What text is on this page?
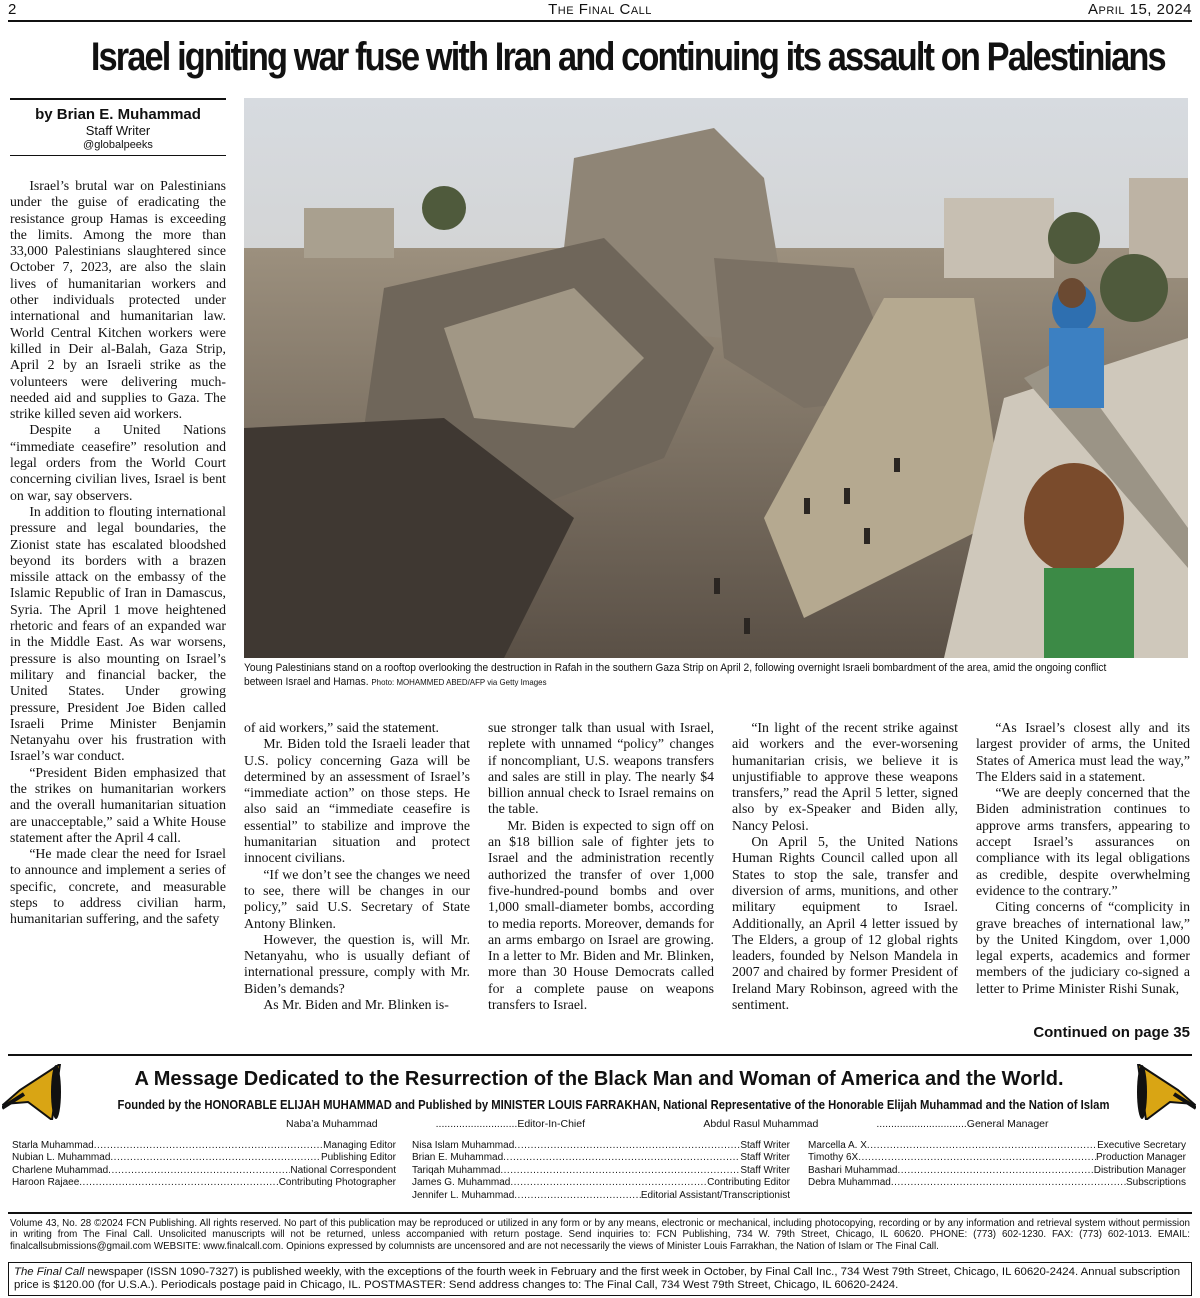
2	The Final Call	April 15, 2024
Israel igniting war fuse with Iran and continuing its assault on Palestinians
by Brian E. Muhammad
Staff Writer
@globalpeeks
Young Palestinians stand on a rooftop overlooking the destruction in Rafah in the southern Gaza Strip on April 2, following overnight Israeli bombardment of the area, amid the ongoing conflict between Israel and Hamas. Photo: MOHAMMED ABED/AFP via Getty Images

Israel’s brutal war on Palestinians under the guise of eradicating the resistance group Hamas is exceeding the limits. Among the more than 33,000 Palestinians slaughtered since October 7, 2023, are also the slain lives of humanitarian workers and other individuals protected under international and humanitarian law. World Central Kitchen workers were killed in Deir al-Balah, Gaza Strip, April 2 by an Israeli strike as the volunteers were delivering much-needed aid and supplies to Gaza. The strike killed seven aid workers.

Despite a United Nations “immediate ceasefire” resolution and legal orders from the World Court concerning civilian lives, Israel is bent on war, say observers.

In addition to flouting international pressure and legal boundaries, the Zionist state has escalated bloodshed beyond its borders with a brazen missile attack on the embassy of the Islamic Republic of Iran in Damascus, Syria. The April 1 move heightened rhetoric and fears of an expanded war in the Middle East. As war worsens, pressure is also mounting on Israel’s military and financial backer, the United States. Under growing pressure, President Joe Biden called Israeli Prime Minister Benjamin Netanyahu over his frustration with Israel’s war conduct.

“President Biden emphasized that the strikes on humanitarian workers and the overall humanitarian situation are unacceptable,” said a White House statement after the April 4 call.

“He made clear the need for Israel to announce and implement a series of specific, concrete, and measurable steps to address civilian harm, humanitarian suffering, and the safety

of aid workers,” said the statement.

Mr. Biden told the Israeli leader that U.S. policy concerning Gaza will be determined by an assessment of Israel’s “immediate action” on those steps. He also said an “immediate ceasefire is essential” to stabilize and improve the humanitarian situation and protect innocent civilians.

“If we don’t see the changes we need to see, there will be changes in our policy,” said U.S. Secretary of State Antony Blinken.

However, the question is, will Mr. Netanyahu, who is usually defiant of international pressure, comply with Mr. Biden’s demands?

As Mr. Biden and Mr. Blinken is-

sue stronger talk than usual with Israel, replete with unnamed “policy” changes if noncompliant, U.S. weapons transfers and sales are still in play. The nearly $4 billion annual check to Israel remains on the table.

Mr. Biden is expected to sign off on an $18 billion sale of fighter jets to Israel and the administration recently authorized the transfer of over 1,000 five-hundred-pound bombs and over 1,000 small-diameter bombs, according to media reports. Moreover, demands for an arms embargo on Israel are growing. In a letter to Mr. Biden and Mr. Blinken, more than 30 House Democrats called for a complete pause on weapons transfers to Israel.

“In light of the recent strike against aid workers and the ever-worsening humanitarian crisis, we believe it is unjustifiable to approve these weapons transfers,” read the April 5 letter, signed also by ex-Speaker and Biden ally, Nancy Pelosi.

On April 5, the United Nations Human Rights Council called upon all States to stop the sale, transfer and diversion of arms, munitions, and other military equipment to Israel. Additionally, an April 4 letter issued by The Elders, a group of 12 global rights leaders, founded by Nelson Mandela in 2007 and chaired by former President of Ireland Mary Robinson, agreed with the sentiment.

“As Israel’s closest ally and its largest provider of arms, the United States of America must lead the way,” The Elders said in a statement.

“We are deeply concerned that the Biden administration continues to approve arms transfers, appearing to accept Israel’s assurances on compliance with its legal obligations as credible, despite overwhelming evidence to the contrary.”

Citing concerns of “complicity in grave breaches of international law,” by the United Kingdom, over 1,000 legal experts, academics and former members of the judiciary co-signed a letter to Prime Minister Rishi Sunak,

Continued on page 35
A Message Dedicated to the Resurrection of the Black Man and Woman of America and the World.
Founded by the HONORABLE ELIJAH MUHAMMAD and Published by MINISTER LOUIS FARRAKHAN, National Representative of the Honorable Elijah Muhammad and the Nation of Islam
Naba’a Muhammad	............................Editor-In-Chief	Abdul Rasul Muhammad	...............................General Manager
Starla Muhammad .....	Managing Editor
Nubian L. Muhammad .....	Publishing Editor
Charlene Muhammad .....	National Correspondent
Haroon Rajaee .....	Contributing Photographer
Nisa Islam Muhammad .....	Staff Writer
Brian E. Muhammad .....	Staff Writer
Tariqah Muhammad .....	Staff Writer
James G. Muhammad .....	Contributing Editor
Jennifer L. Muhammad .....	Editorial Assistant/Transcriptionist
Marcella A. X .....	Executive Secretary
Timothy 6X .....	Production Manager
Bashari Muhammad .....	Distribution Manager
Debra Muhammad .....	Subscriptions
Volume 43, No. 28 ©2024 FCN Publishing. All rights reserved. No part of this publication may be reproduced or utilized in any form or by any means, electronic or mechanical, including photocopying, recording or by any information and retrieval system without permission in writing from The Final Call. Unsolicited manuscripts will not be returned, unless accompanied with return postage. Send inquiries to: FCN Publishing, 734 W. 79th Street, Chicago, IL 60620. PHONE: (773) 602-1230. FAX: (773) 602-1013. EMAIL: finalcallsubmissions@gmail.com WEBSITE: www.finalcall.com. Opinions expressed by columnists are uncensored and are not necessarily the views of Minister Louis Farrakhan, the Nation of Islam or The Final Call.
The Final Call newspaper (ISSN 1090-7327) is published weekly, with the exceptions of the fourth week in February and the first week in October, by Final Call Inc., 734 West 79th Street, Chicago, IL 60620-2424. Annual subscription price is $120.00 (for U.S.A.). Periodicals postage paid in Chicago, IL. POSTMASTER: Send address changes to: The Final Call, 734 West 79th Street, Chicago, IL 60620-2424.
